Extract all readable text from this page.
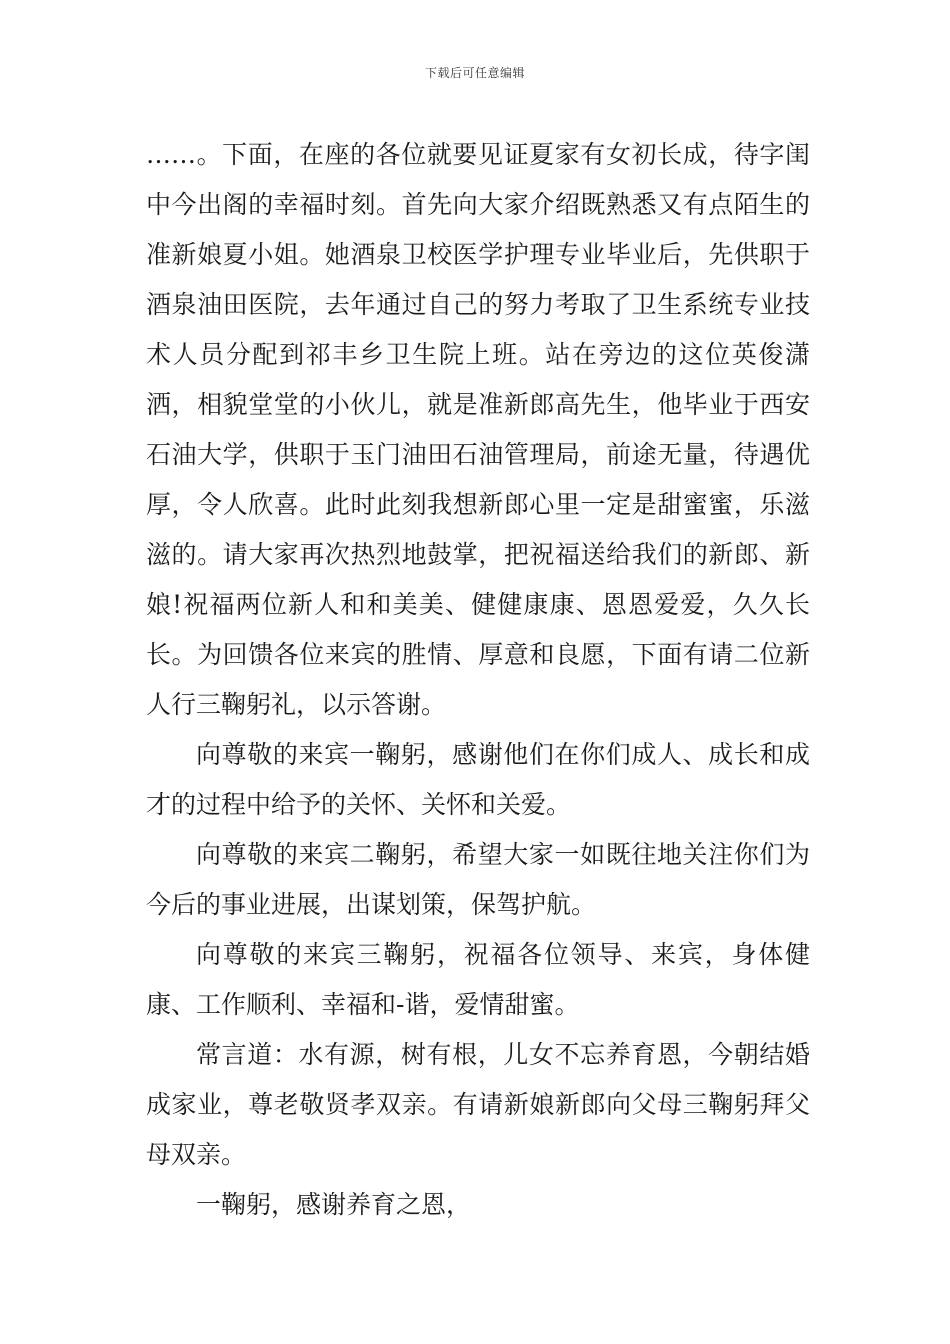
下载后可任意编辑

……。下面，在座的各位就要见证夏家有女初长成，待字闺中今出阁的幸福时刻。首先向大家介绍既熟悉又有点陌生的准新娘夏小姐。她酒泉卫校医学护理专业毕业后，先供职于酒泉油田医院，去年通过自己的努力考取了卫生系统专业技术人员分配到祁丰乡卫生院上班。站在旁边的这位英俊潇洒，相貌堂堂的小伙儿，就是准新郎高先生，他毕业于西安石油大学，供职于玉门油田石油管理局，前途无量，待遇优厚，令人欣喜。此时此刻我想新郎心里一定是甜蜜蜜，乐滋滋的。请大家再次热烈地鼓掌，把祝福送给我们的新郎、新娘!祝福两位新人和和美美、健健康康、恩恩爱爱，久久长长。为回馈各位来宾的胜情、厚意和良愿，下面有请二位新人行三鞠躬礼，以示答谢。

向尊敬的来宾一鞠躬，感谢他们在你们成人、成长和成才的过程中给予的关怀、关怀和关爱。

向尊敬的来宾二鞠躬，希望大家一如既往地关注你们为今后的事业进展，出谋划策，保驾护航。

向尊敬的来宾三鞠躬，祝福各位领导、来宾，身体健康、工作顺利、幸福和-谐，爱情甜蜜。

常言道：水有源，树有根，儿女不忘养育恩，今朝结婚成家业，尊老敬贤孝双亲。有请新娘新郎向父母三鞠躬拜父母双亲。

一鞠躬，感谢养育之恩，
